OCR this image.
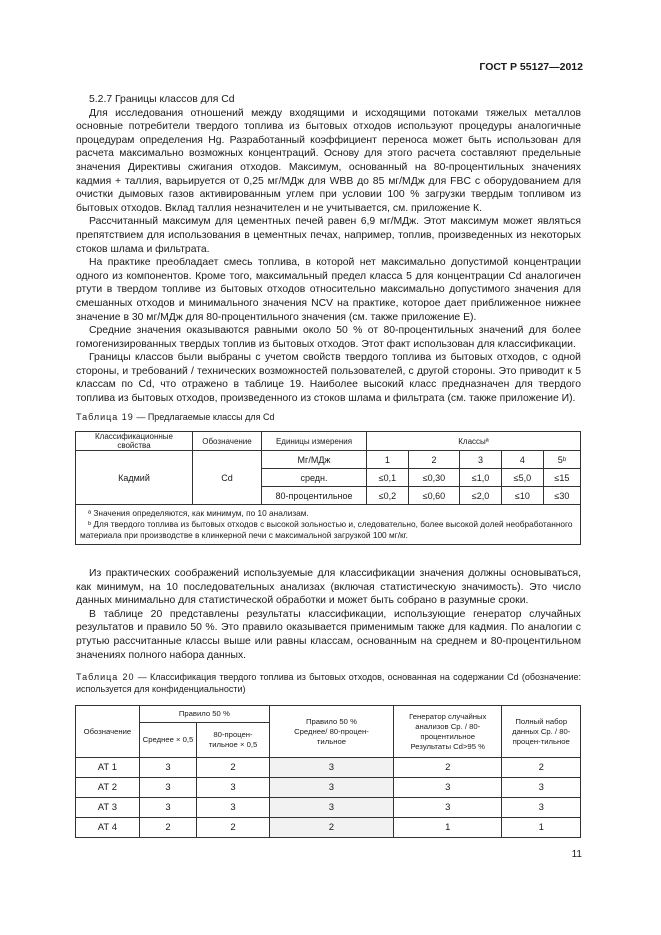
ГОСТ Р 55127—2012

5.2.7 Границы классов для Cd

Для исследования отношений между входящими и исходящими потоками тяжелых металлов основные потребители твердого топлива из бытовых отходов используют процедуры аналогичные процедурам определения Hg. Разработанный коэффициент переноса может быть использован для расчета максимально возможных концентраций. Основу для этого расчета составляют предельные значения Директивы сжигания отходов. Максимум, основанный на 80-процентильных значениях кадмия + таллия, варьируется от 0,25 мг/МДж для WBB до 85 мг/МДж для FBC с оборудованием для очистки дымовых газов активированным углем при условии 100 % загрузки твердым топливом из бытовых отходов. Вклад таллия незначителен и не учитывается, см. приложение К.

Рассчитанный максимум для цементных печей равен 6,9 мг/МДж. Этот максимум может являться препятствием для использования в цементных печах, например, топлив, произведенных из некоторых стоков шлама и фильтрата.

На практике преобладает смесь топлива, в которой нет максимально допустимой концентрации одного из компонентов. Кроме того, максимальный предел класса 5 для концентрации Cd аналогичен ртути в твердом топливе из бытовых отходов относительно максимально допустимого значения для смешанных отходов и минимального значения NCV на практике, которое дает приближенное нижнее значение в 30 мг/МДж для 80-процентильного значения (см. также приложение Е).

Средние значения оказываются равными около 50 % от 80-процентильных значений для более гомогенизированных твердых топлив из бытовых отходов. Этот факт использован для классификации.

Границы классов были выбраны с учетом свойств твердого топлива из бытовых отходов, с одной стороны, и требований / технических возможностей пользователей, с другой стороны. Это приводит к 5 классам по Cd, что отражено в таблице 19. Наиболее высокий класс предназначен для твердого топлива из бытовых отходов, произведенного из стоков шлама и фильтрата (см. также приложение И).

Таблица 19 — Предлагаемые классы для Cd

Классификационные свойства	Обозначение	Единицы измерения	Классыª				
Кадмий	Cd	Мг/МДж	1	2	3	4	5ᵇ
		средн.	≤0,1	≤0,30	≤1,0	≤5,0	≤15
		80-процентильное	≤0,2	≤0,60	≤2,0	≤10	≤30

ª Значения определяются, как минимум, по 10 анализам.
ᵇ Для твердого топлива из бытовых отходов с высокой зольностью и, следовательно, более высокой долей необработанного материала при производстве в клинкерной печи с максимальной загрузкой 100 мг/кг.							

Из практических соображений используемые для классификации значения должны основываться, как минимум, на 10 последовательных анализах (включая статистическую значимость). Это число данных минимально для статистической обработки и может быть собрано в разумные сроки.

В таблице 20 представлены результаты классификации, использующие генератор случайных результатов и правило 50 %. Это правило оказывается применимым также для кадмия. По аналогии с ртутью рассчитанные классы выше или равны классам, основанным на среднем и 80-процентильном значениях полного набора данных.

Таблица 20 — Классификация твердого топлива из бытовых отходов, основанная на содержании Cd (обозначение: используется для конфиденциальности)

Обозначение	Правило 50 %		Правило 50 % Среднее/ 80-процен-тильное	Генератор случайных анализов Ср. / 80-процентильное Результаты Cd>95 %	Полный набор данных Ср. / 80-процен-тильное
	Среднее × 0,5	80-процен-тильное × 0,5			
АТ 1	3	2	3	2	2
АТ 2	3	3	3	3	3
АТ 3	3	3	3	3	3
АТ 4	2	2	2	1	1
11
